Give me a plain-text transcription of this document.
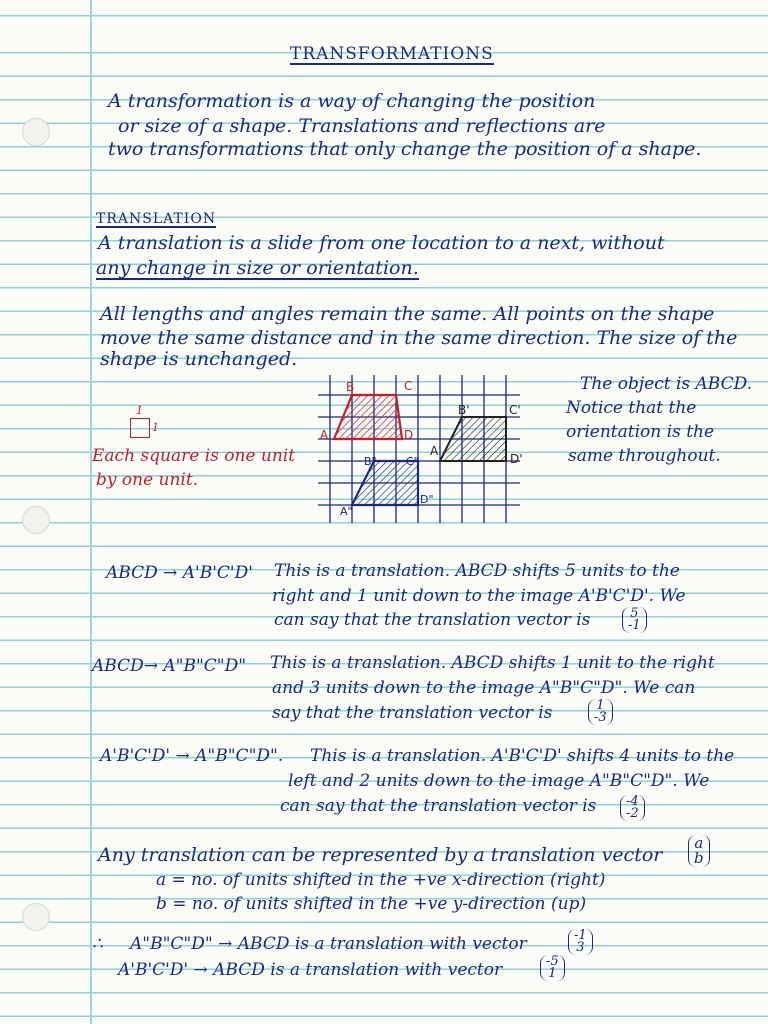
TRANSFORMATIONS
A transformation is a way of changing the position
or size of a shape. Translations and reflections are
two transformations that only change the position of a shape.
TRANSLATION
A translation is a slide from one location to a next, without
any change in size or orientation.
All lengths and angles remain the same. All points on the shape
move the same distance and in the same direction. The size of the
shape is unchanged.
1
1
Each square is one unit
by one unit.
B	C
A	D
B'	C'
A'
D'
B"	C"
A"
D"
The object is ABCD.
Notice that the
orientation is the
same throughout.
ABCD → A'B'C'D' This is a translation. ABCD shifts 5 units to the
right and 1 unit down to the image A'B'C'D'. We
can say that the translation vector is	5
-1
ABCD→ A"B"C"D" This is a translation. ABCD shifts 1 unit to the right
and 3 units down to the image A"B"C"D". We can
say that the translation vector is	1
-3
A'B'C'D' → A"B"C"D". This is a translation. A'B'C'D' shifts 4 units to the
left and 2 units down to the image A"B"C"D". We
can say that the translation vector is -4
-2
Any translation can be represented by a translation vector
a
b
a = no. of units shifted in the +ve x-direction (right)
b = no. of units shifted in the +ve y-direction (up)
∴ A"B"C"D" → ABCD is a translation with vector	-1
3
A'B'C'D' → ABCD is a translation with vector	-5
1
